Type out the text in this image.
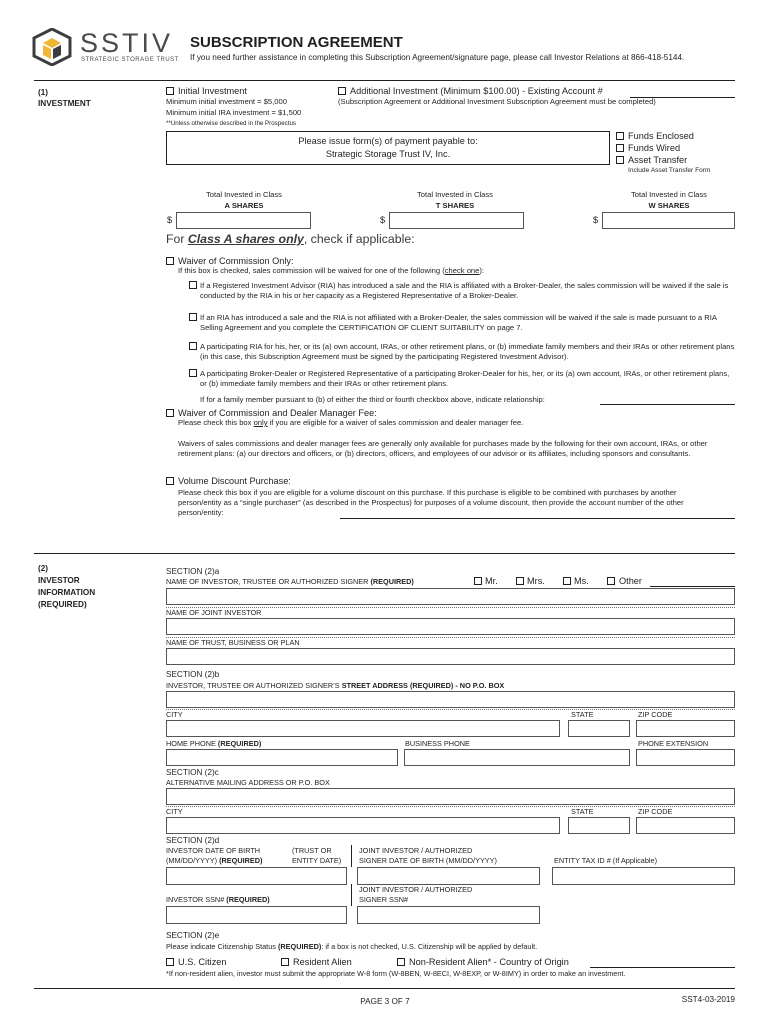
SSTIV
STRATEGIC STORAGE TRUST
SUBSCRIPTION AGREEMENT
If you need further assistance in completing this Subscription Agreement/signature page, please call Investor Relations at 866-418-5144.
(1)
INVESTMENT
Initial Investment
Minimum initial investment = $5,000
Minimum initial IRA investment = $1,500
**Unless otherwise described in the Prospectus
Additional Investment (Minimum $100.00) - Existing Account #
(Subscription Agreement or Additional Investment Subscription Agreement must be completed)
Please issue form(s) of payment payable to:
Strategic Storage Trust IV, Inc.
Funds Enclosed
Funds Wired
Asset Transfer
Include Asset Transfer Form
Total Invested in Class
A SHARES
$
Total Invested in Class
T SHARES
$
Total Invested in Class
W SHARES
$
For Class A shares only, check if applicable:
Waiver of Commission Only:
If this box is checked, sales commission will be waived for one of the following (check one):
If a Registered Investment Advisor (RIA) has introduced a sale and the RIA is affiliated with a Broker-Dealer, the sales commission will be waived if the sale is conducted by the RIA in his or her capacity as a Registered Representative of a Broker-Dealer.
If an RIA has introduced a sale and the RIA is not affiliated with a Broker-Dealer, the sales commission will be waived if the sale is made pursuant to a RIA Selling Agreement and you complete the CERTIFICATION OF CLIENT SUITABILITY on page 7.
A participating RIA for his, her, or its (a) own account, IRAs, or other retirement plans, or (b) immediate family members and their IRAs or other retirement plans (in this case, this Subscription Agreement must be signed by the participating Registered Investment Advisor).
A participating Broker-Dealer or Registered Representative of a participating Broker-Dealer for his, her, or its (a) own account, IRAs, or other retirement plans, or (b) immediate family members and their IRAs or other retirement plans.
If for a family member pursuant to (b) of either the third or fourth checkbox above, indicate relationship:
Waiver of Commission and Dealer Manager Fee:
Please check this box only if you are eligible for a waiver of sales commission and dealer manager fee.
Waivers of sales commissions and dealer manager fees are generally only available for purchases made by the following for their own account, IRAs, or other retirement plans: (a) our directors and officers, or (b) directors, officers, and employees of our advisor or its affiliates, including sponsors and consultants.
Volume Discount Purchase:
Please check this box if you are eligible for a volume discount on this purchase. If this purchase is eligible to be combined with purchases by another person/entity as a “single purchaser” (as described in the Prospectus) for purposes of a volume discount, then provide the account number of the other person/entity:
(2)
INVESTOR
INFORMATION
(REQUIRED)
SECTION (2)a
NAME OF INVESTOR, TRUSTEE OR AUTHORIZED SIGNER (REQUIRED)	Mr.	Mrs.	Ms.	Other
NAME OF JOINT INVESTOR
NAME OF TRUST, BUSINESS OR PLAN
SECTION (2)b
INVESTOR, TRUSTEE OR AUTHORIZED SIGNER’S STREET ADDRESS (REQUIRED) - NO P.O. BOX
CITY	STATE	ZIP CODE
HOME PHONE (REQUIRED)	BUSINESS PHONE	PHONE EXTENSION
SECTION (2)c
ALTERNATIVE MAILING ADDRESS OR P.O. BOX
CITY	STATE	ZIP CODE
SECTION (2)d
INVESTOR DATE OF BIRTH
(MM/DD/YYYY) (REQUIRED)
(TRUST OR
ENTITY DATE)
JOINT INVESTOR / AUTHORIZED
SIGNER DATE OF BIRTH (MM/DD/YYYY)	ENTITY TAX ID # (If Applicable)
INVESTOR SSN# (REQUIRED)
JOINT INVESTOR / AUTHORIZED
SIGNER SSN#
SECTION (2)e
Please indicate Citizenship Status (REQUIRED): if a box is not checked, U.S. Citizenship will be applied by default.
U.S. Citizen	Resident Alien	Non-Resident Alien* - Country of Origin
*If non-resident alien, investor must submit the appropriate W-8 form (W-8BEN, W-8ECI, W-8EXP, or W-8IMY) in order to make an investment.
PAGE 3 OF 7	SST4-03-2019
